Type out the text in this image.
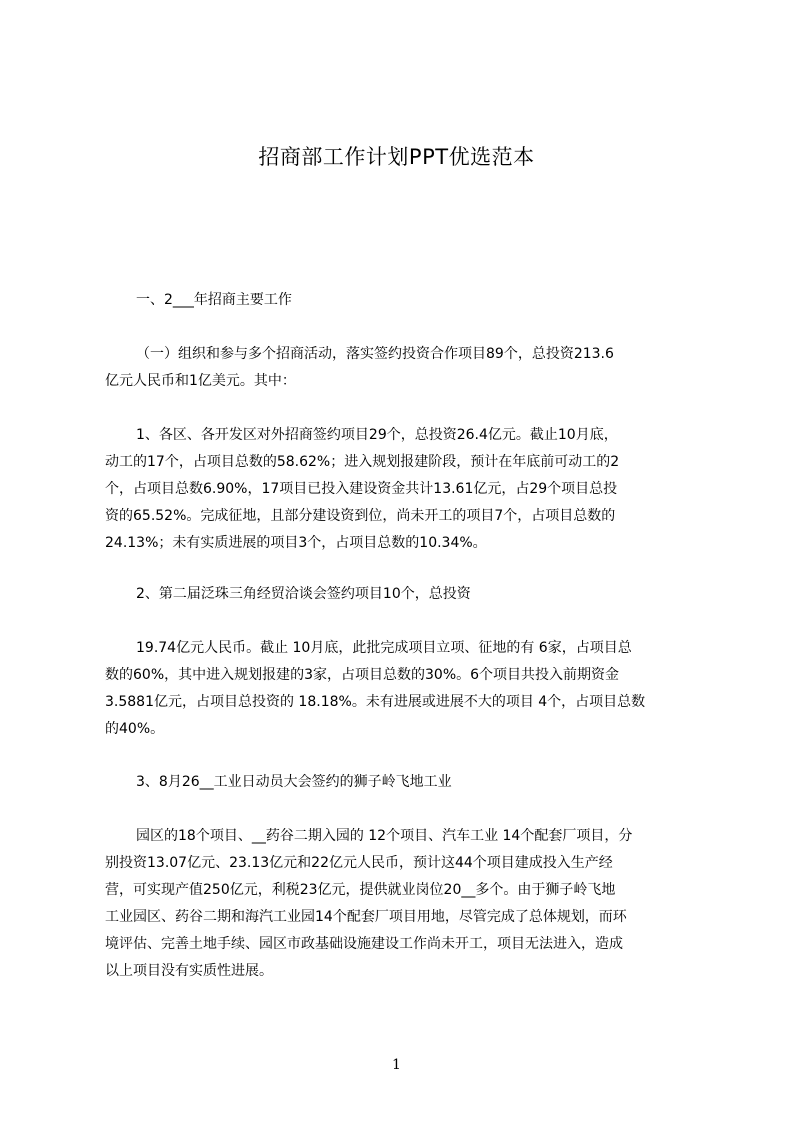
招商部工作计划PPT优选范本
一、2___年招商主要工作
（一）组织和参与多个招商活动，落实签约投资合作项目89个，总投资213.6
亿元人民币和1亿美元。其中：
1、各区、各开发区对外招商签约项目29个，总投资26.4亿元。截止10月底，
动工的17个，占项目总数的58.62%；进入规划报建阶段，预计在年底前可动工的2
个，占项目总数6.90%，17项目已投入建设资金共计13.61亿元，占29个项目总投
资的65.52%。完成征地，且部分建设资到位，尚未开工的项目7个，占项目总数的
24.13%；未有实质进展的项目3个，占项目总数的10.34%。
2、第二届泛珠三角经贸洽谈会签约项目10个，总投资
19.74亿元人民币。截止 10月底，此批完成项目立项、征地的有 6家，占项目总
数的60%，其中进入规划报建的3家，占项目总数的30%。6个项目共投入前期资金
3.5881亿元，占项目总投资的 18.18%。未有进展或进展不大的项目 4个，占项目总数
的40%。
3、8月26__工业日动员大会签约的狮子岭飞地工业
园区的18个项目、__药谷二期入园的 12个项目、汽车工业 14个配套厂项目，分
别投资13.07亿元、23.13亿元和22亿元人民币，预计这44个项目建成投入生产经
营，可实现产值250亿元，利税23亿元，提供就业岗位20__多个。由于狮子岭飞地
工业园区、药谷二期和海汽工业园14个配套厂项目用地，尽管完成了总体规划，而环
境评估、完善土地手续、园区市政基础设施建设工作尚未开工，项目无法进入，造成
以上项目没有实质性进展。
1
